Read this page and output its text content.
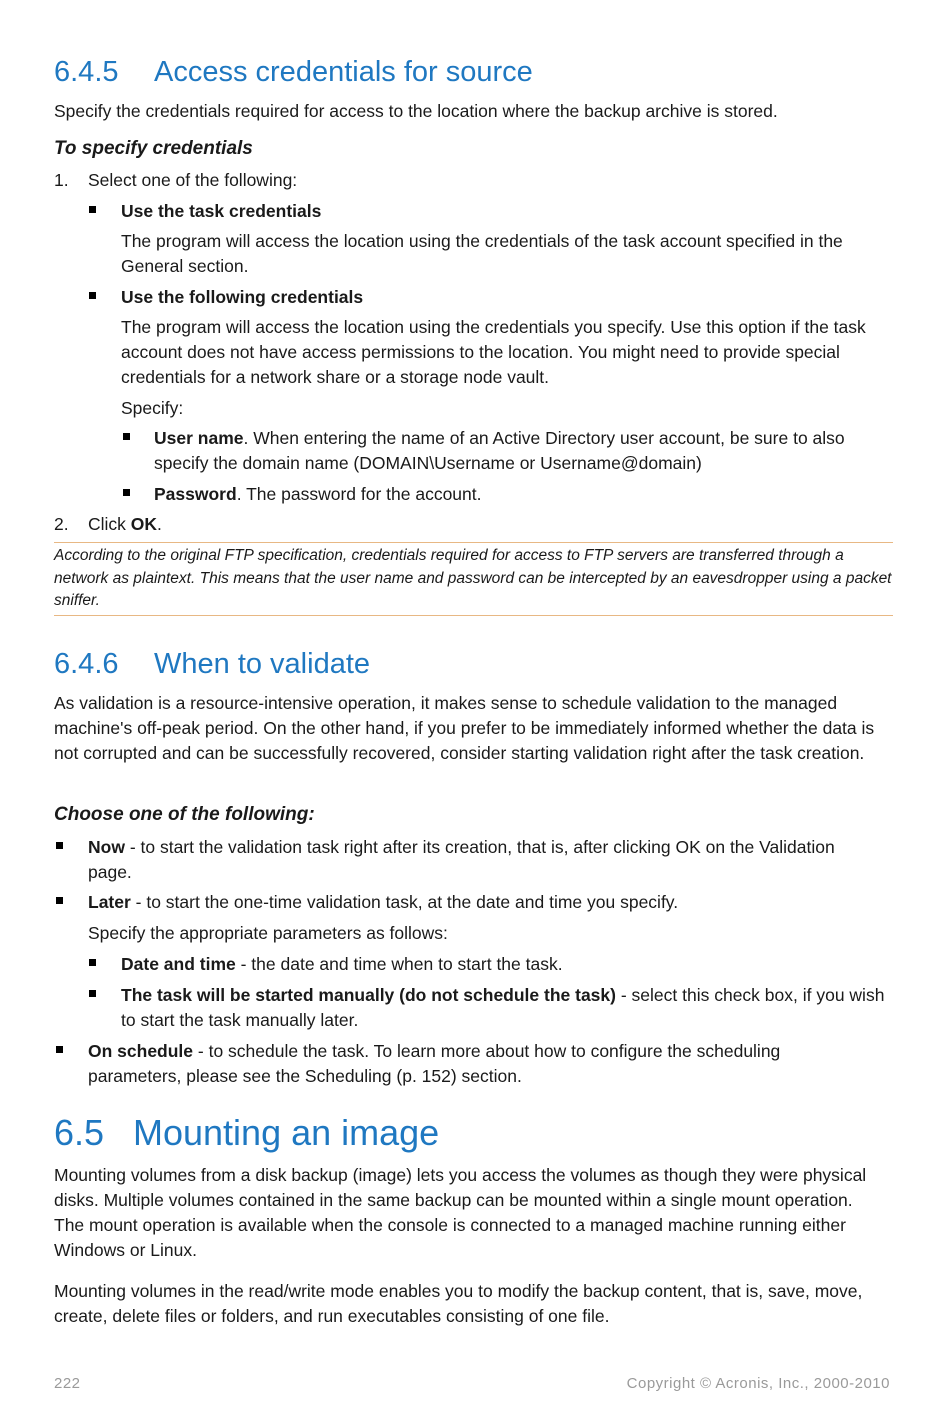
6.4.5 Access credentials for source
Specify the credentials required for access to the location where the backup archive is stored.
To specify credentials
1. Select one of the following:
Use the task credentials
The program will access the location using the credentials of the task account specified in the General section.
Use the following credentials
The program will access the location using the credentials you specify. Use this option if the task account does not have access permissions to the location. You might need to provide special credentials for a network share or a storage node vault.
Specify:
User name. When entering the name of an Active Directory user account, be sure to also specify the domain name (DOMAIN\Username or Username@domain)
Password. The password for the account.
2. Click OK.
According to the original FTP specification, credentials required for access to FTP servers are transferred through a network as plaintext. This means that the user name and password can be intercepted by an eavesdropper using a packet sniffer.
6.4.6 When to validate
As validation is a resource-intensive operation, it makes sense to schedule validation to the managed machine's off-peak period. On the other hand, if you prefer to be immediately informed whether the data is not corrupted and can be successfully recovered, consider starting validation right after the task creation.
Choose one of the following:
Now - to start the validation task right after its creation, that is, after clicking OK on the Validation page.
Later - to start the one-time validation task, at the date and time you specify.
Specify the appropriate parameters as follows:
Date and time - the date and time when to start the task.
The task will be started manually (do not schedule the task) - select this check box, if you wish to start the task manually later.
On schedule - to schedule the task. To learn more about how to configure the scheduling parameters, please see the Scheduling (p. 152) section.
6.5 Mounting an image
Mounting volumes from a disk backup (image) lets you access the volumes as though they were physical disks. Multiple volumes contained in the same backup can be mounted within a single mount operation. The mount operation is available when the console is connected to a managed machine running either Windows or Linux.
Mounting volumes in the read/write mode enables you to modify the backup content, that is, save, move, create, delete files or folders, and run executables consisting of one file.
222	Copyright © Acronis, Inc., 2000-2010
